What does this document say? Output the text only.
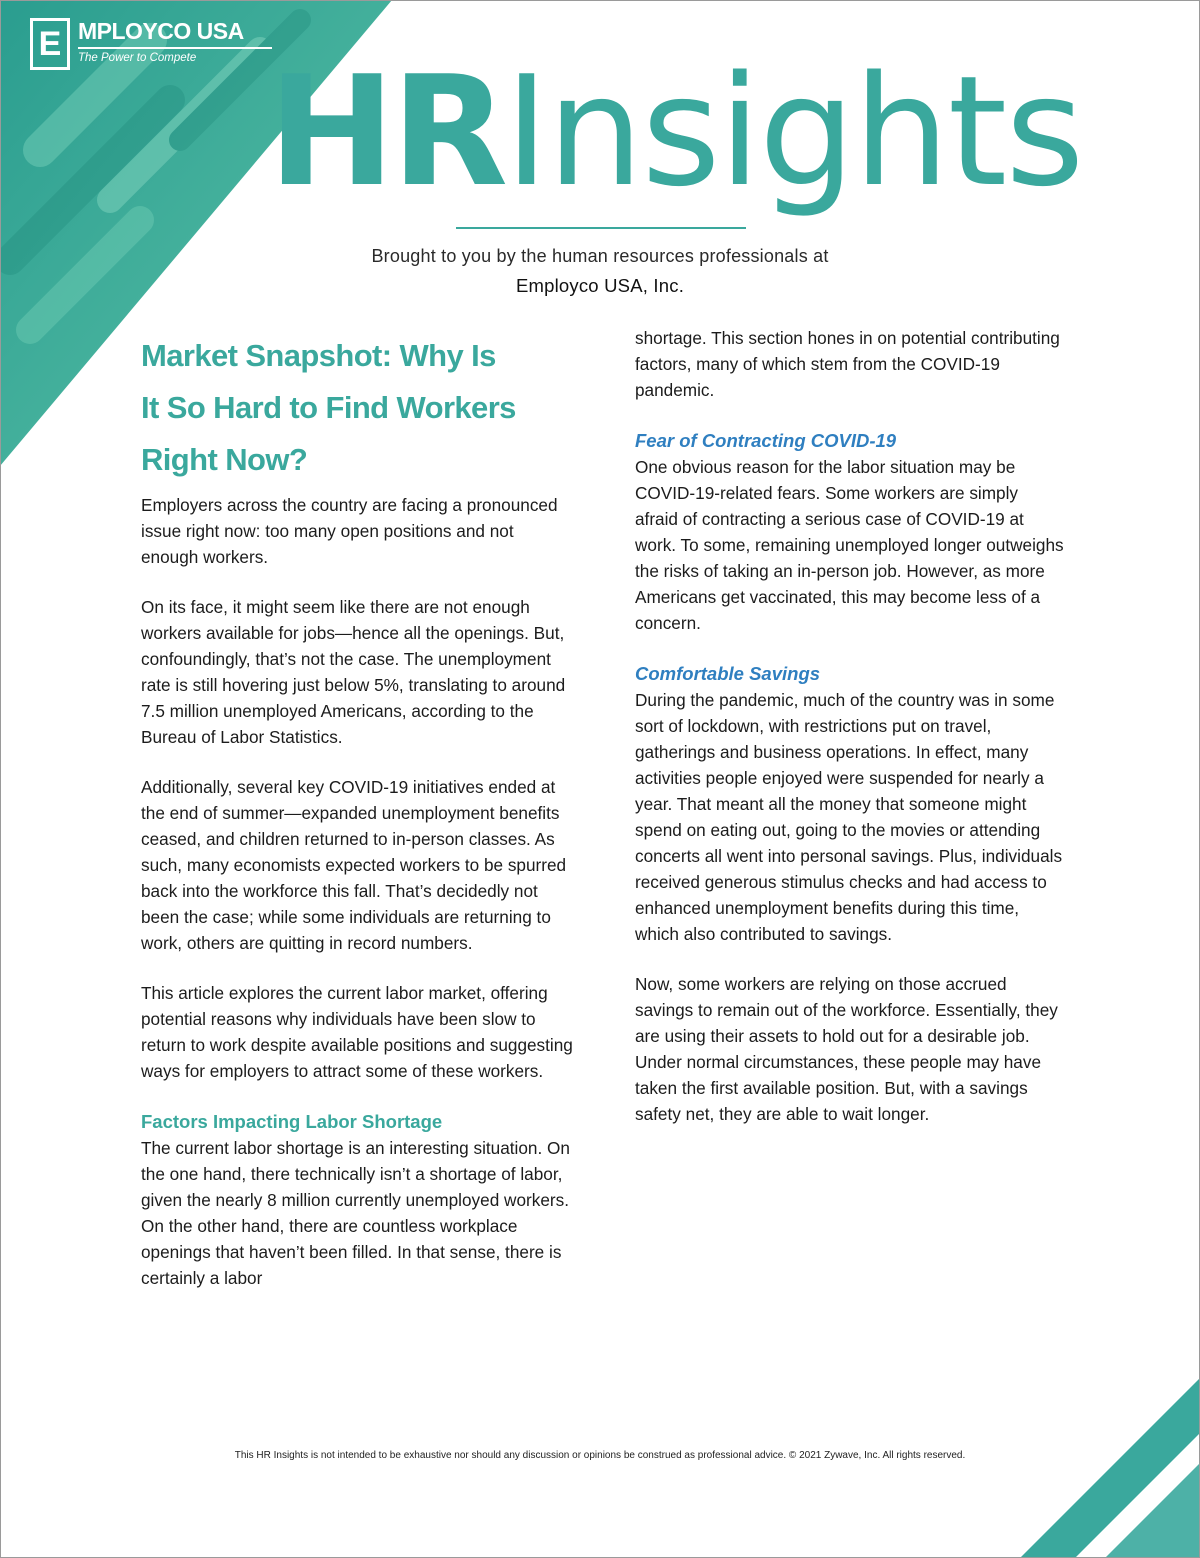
E MPLOYCO USA
The Power to Compete HRInsights
Brought to you by the human resources professionals at
Employco USA, Inc.
Market Snapshot: Why Is
It So Hard to Find Workers
Right Now?

Employers across the country are facing a pronounced issue right now: too many open positions and not enough workers.

On its face, it might seem like there are not enough workers available for jobs—hence all the openings. But, confoundingly, that’s not the case. The unemployment rate is still hovering just below 5%, translating to around 7.5 million unemployed Americans, according to the Bureau of Labor Statistics.

Additionally, several key COVID-19 initiatives ended at the end of summer—expanded unemployment benefits ceased, and children returned to in-person classes. As such, many economists expected workers to be spurred back into the workforce this fall. That’s decidedly not been the case; while some individuals are returning to work, others are quitting in record numbers.

This article explores the current labor market, offering potential reasons why individuals have been slow to return to work despite available positions and suggesting ways for employers to attract some of these workers.

Factors Impacting Labor Shortage

The current labor shortage is an interesting situation. On the one hand, there technically isn’t a shortage of labor, given the nearly 8 million currently unemployed workers. On the other hand, there are countless workplace openings that haven’t been filled. In that sense, there is certainly a labor

shortage. This section hones in on potential contributing factors, many of which stem from the COVID-19 pandemic.

Fear of Contracting COVID-19

One obvious reason for the labor situation may be COVID-19-related fears. Some workers are simply afraid of contracting a serious case of COVID-19 at work. To some, remaining unemployed longer outweighs the risks of taking an in-person job. However, as more Americans get vaccinated, this may become less of a concern.

Comfortable Savings

During the pandemic, much of the country was in some sort of lockdown, with restrictions put on travel, gatherings and business operations. In effect, many activities people enjoyed were suspended for nearly a year. That meant all the money that someone might spend on eating out, going to the movies or attending concerts all went into personal savings. Plus, individuals received generous stimulus checks and had access to enhanced unemployment benefits during this time, which also contributed to savings.

Now, some workers are relying on those accrued savings to remain out of the workforce. Essentially, they are using their assets to hold out for a desirable job. Under normal circumstances, these people may have taken the first available position. But, with a savings safety net, they are able to wait longer.

This HR Insights is not intended to be exhaustive nor should any discussion or opinions be construed as professional advice. © 2021 Zywave, Inc. All rights reserved.
